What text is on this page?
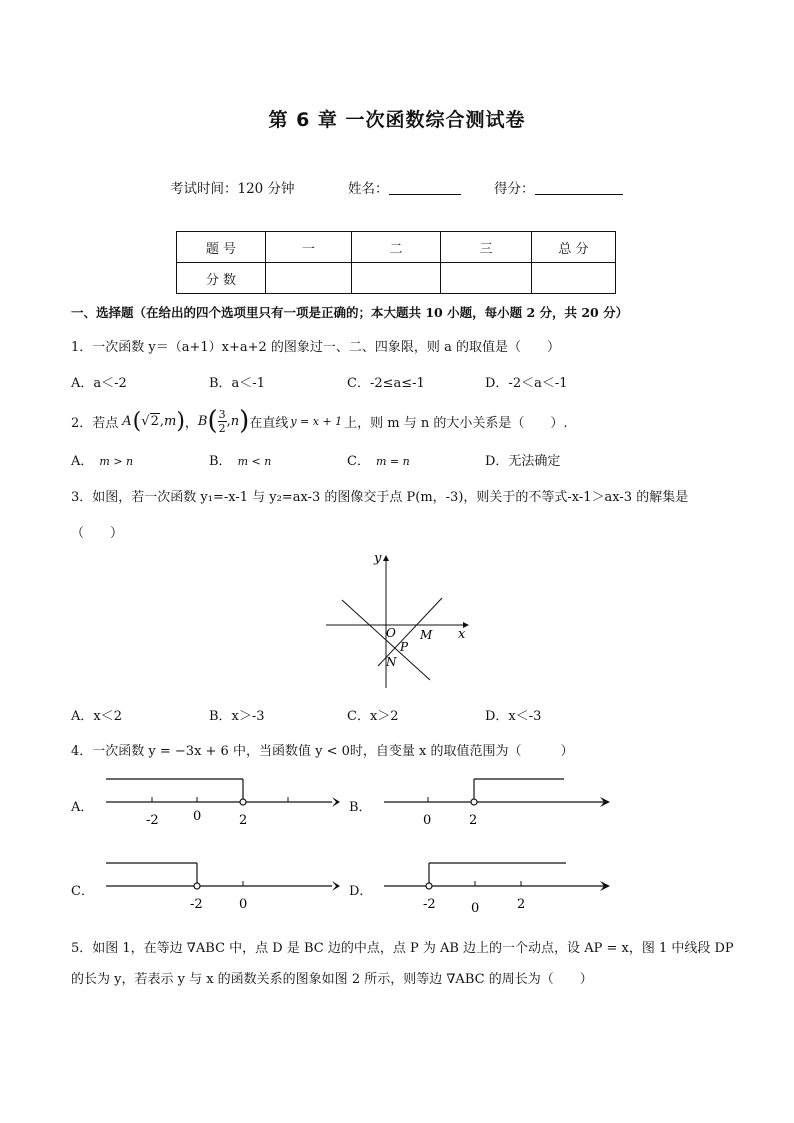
第 6 章 一次函数综合测试卷
考试时间：120 分钟	姓名：	得分：
题 号	一	二	三	总 分
分 数				
一、选择题（在给出的四个选项里只有一项是正确的；本大题共 10 小题，每小题 2 分，共 20 分）
1．一次函数 y＝（a+1）x+a+2 的图象过一、二、四象限，则 a 的取值是（　　）
A．a＜-2	B．a＜-1	C．-2≤a≤-1	D．-2＜a＜-1
2．若点 A ( √ 2 , m ) ， B ( $\frac{3}{2}$ , n ) 在直线 y = x + 1 上，则 m 与 n 的大小关系是（　　）.
A． m > n	B． m < n	C． m = n	D．无法确定
3．如图，若一次函数 y₁=-x-1 与 y₂=ax-3 的图像交于点 P(m，-3)，则关于的不等式-x-1＞ax-3 的解集是
（　　）
y
x
O M
P
N
A．x＜2	B．x＞-3	C．x＞2	D．x＜-3
4．一次函数 y = −3x + 6 中，当函数值 y < 0时，自变量 x 的取值范围为（　　　）
A．
-2	0	2
B．
0	2
C．
-2	0
D．
-2	0	2
5．如图 1，在等边 ∇ABC 中，点 D 是 BC 边的中点，点 P 为 AB 边上的一个动点，设 AP = x，图 1 中线段 DP
的长为 y，若表示 y 与 x 的函数关系的图象如图 2 所示，则等边 ∇ABC 的周长为（　　）
